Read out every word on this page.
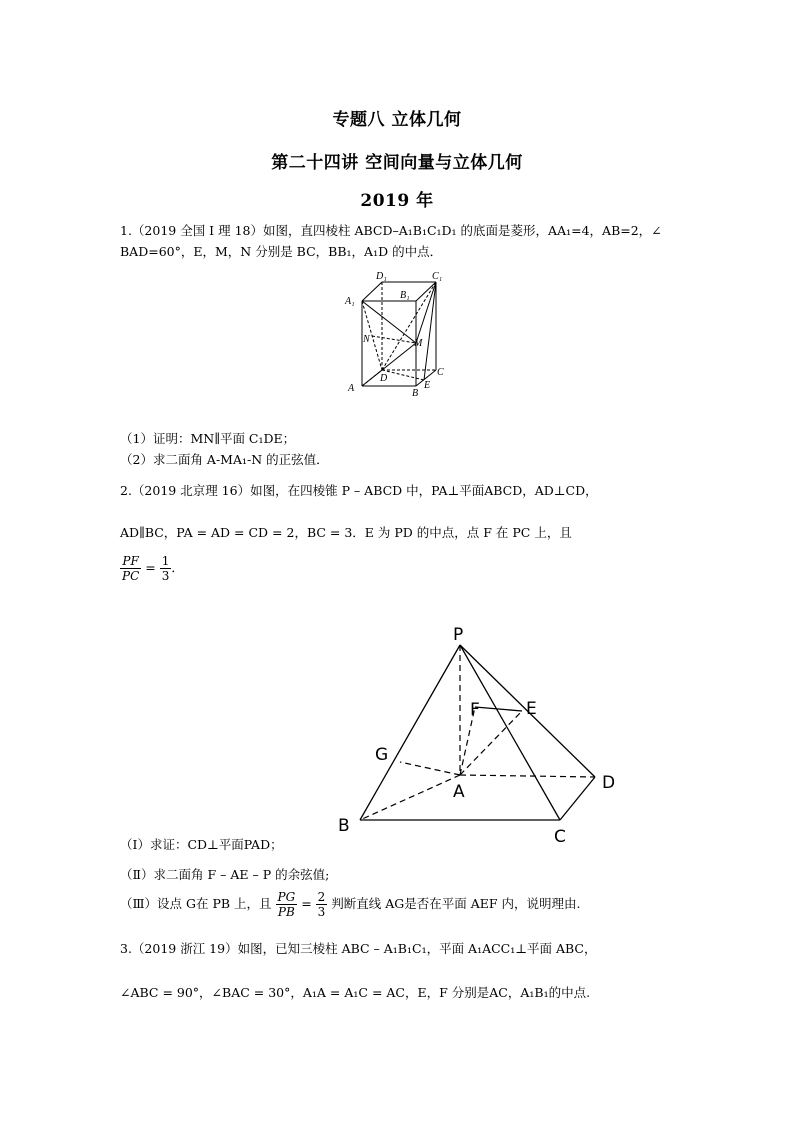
专题八 立体几何
第二十四讲 空间向量与立体几何
2019 年
1.（2019 全国 I 理 18）如图，直四棱柱 ABCD–A₁B₁C₁D₁ 的底面是菱形，AA₁=4，AB=2，∠
BAD=60°，E，M，N 分别是 BC，BB₁，A₁D 的中点．
D₁	C₁
A₁
B₁
N	M
D
C
A	B
E
（1）证明：MN∥平面 C₁DE；
（2）求二面角 A-MA₁-N 的正弦值．
2.（2019 北京理 16）如图，在四棱锥 P – ABCD 中，PA⊥平面ABCD，AD⊥CD，
AD∥BC，PA = AD = CD = 2，BC = 3．E 为 PD 的中点，点 F 在 PC 上，且
$\frac{PF}{PC} = \frac{1}{3}$ ．
P
F	E
G
A	D
B
C
（Ⅰ）求证：CD⊥平面PAD；
（Ⅱ）求二面角 F – AE – P 的余弦值;
（Ⅲ）设点 G在 PB 上，且 $\frac{PG}{PB} = \frac{2}{3}$ 判断直线 AG是否在平面 AEF 内，说明理由.
3.（2019 浙江 19）如图，已知三棱柱 ABC – A₁B₁C₁，平面 A₁ACC₁⊥平面 ABC，
∠ABC = 90°，∠BAC = 30°，A₁A = A₁C = AC，E，F 分别是AC，A₁B₁的中点.
